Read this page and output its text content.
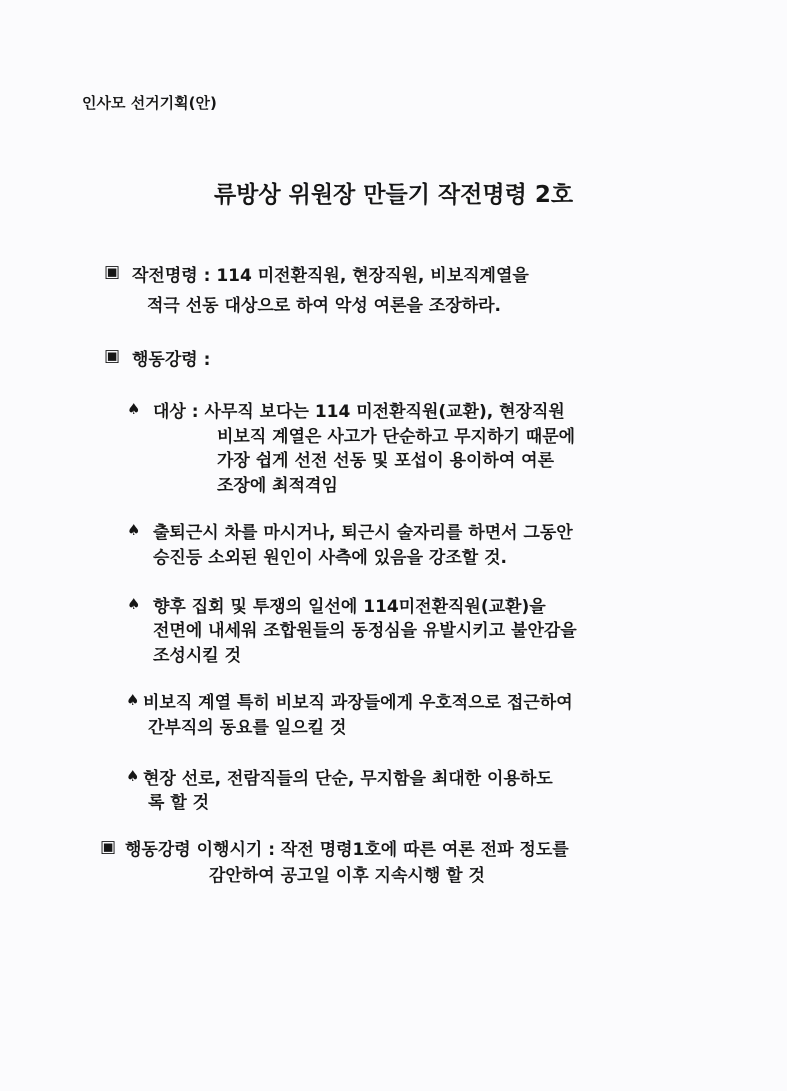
인사모 선거기획(안)
류방상 위원장 만들기 작전명령 2호
▣ 작전명령 : 114 미전환직원, 현장직원, 비보직계열을
적극 선동 대상으로 하여 악성 여론을 조장하라.
▣ 행동강령 :
♠ 대상 : 사무직 보다는 114 미전환직원(교환), 현장직원
비보직 계열은 사고가 단순하고 무지하기 때문에
가장 쉽게 선전 선동 및 포섭이 용이하여 여론
조장에 최적격임
♠ 출퇴근시 차를 마시거나, 퇴근시 술자리를 하면서 그동안
승진등 소외된 원인이 사측에 있음을 강조할 것.
♠ 향후 집회 및 투쟁의 일선에 114미전환직원(교환)을
전면에 내세워 조합원들의 동정심을 유발시키고 불안감을
조성시킬 것
♠ 비보직 계열 특히 비보직 과장들에게 우호적으로 접근하여
간부직의 동요를 일으킬 것
♠ 현장 선로, 전람직들의 단순, 무지함을 최대한 이용하도
록 할 것
▣ 행동강령 이행시기 : 작전 명령1호에 따른 여론 전파 정도를
감안하여 공고일 이후 지속시행 할 것
